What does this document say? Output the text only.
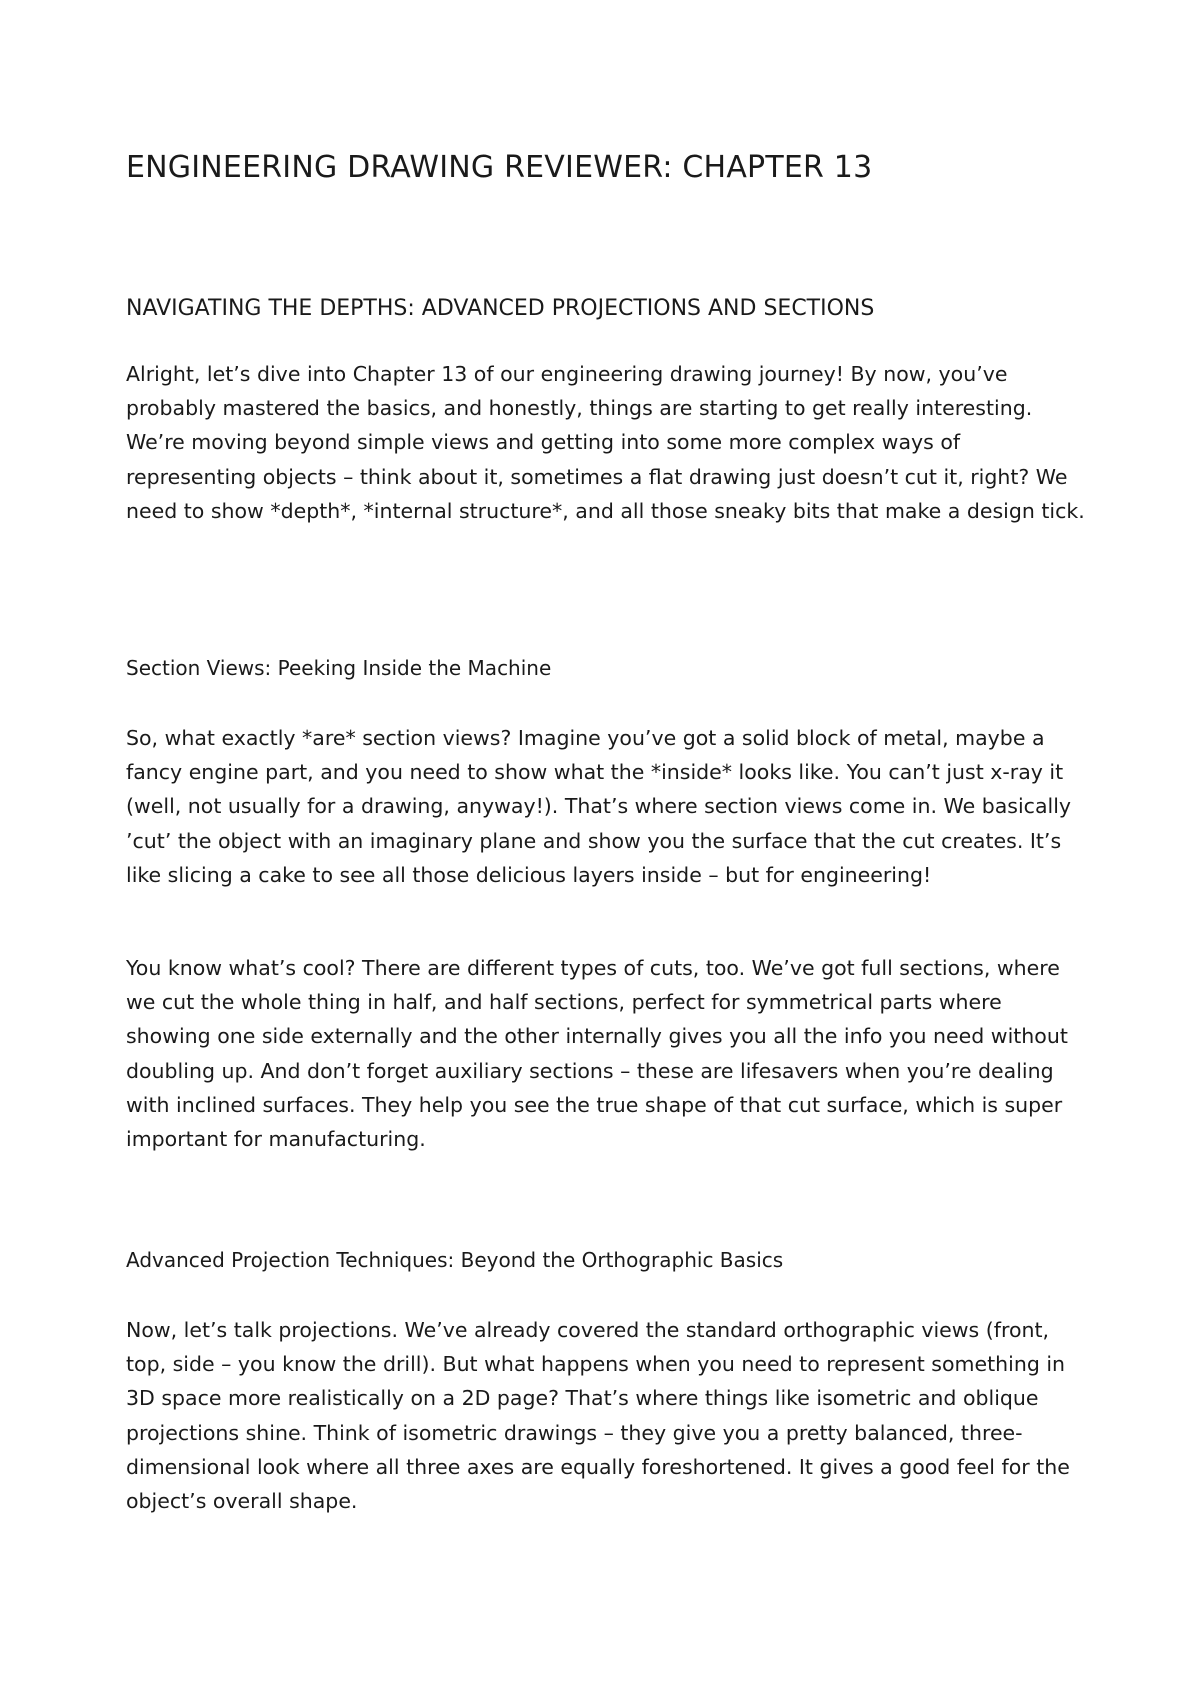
ENGINEERING DRAWING REVIEWER: CHAPTER 13
NAVIGATING THE DEPTHS: ADVANCED PROJECTIONS AND SECTIONS

Alright, let’s dive into Chapter 13 of our engineering drawing journey! By now, you’ve probably mastered the basics, and honestly, things are starting to get really interesting. We’re moving beyond simple views and getting into some more complex ways of representing objects – think about it, sometimes a flat drawing just doesn’t cut it, right? We need to show *depth*, *internal structure*, and all those sneaky bits that make a design tick.

Section Views: Peeking Inside the Machine

So, what exactly *are* section views? Imagine you’ve got a solid block of metal, maybe a fancy engine part, and you need to show what the *inside* looks like. You can’t just x-ray it (well, not usually for a drawing, anyway!). That’s where section views come in. We basically ’cut’ the object with an imaginary plane and show you the surface that the cut creates. It’s like slicing a cake to see all those delicious layers inside – but for engineering!

You know what’s cool? There are different types of cuts, too. We’ve got full sections, where we cut the whole thing in half, and half sections, perfect for symmetrical parts where showing one side externally and the other internally gives you all the info you need without doubling up. And don’t forget auxiliary sections – these are lifesavers when you’re dealing with inclined surfaces. They help you see the true shape of that cut surface, which is super important for manufacturing.

Advanced Projection Techniques: Beyond the Orthographic Basics

Now, let’s talk projections. We’ve already covered the standard orthographic views (front, top, side – you know the drill). But what happens when you need to represent something in 3D space more realistically on a 2D page? That’s where things like isometric and oblique projections shine. Think of isometric drawings – they give you a pretty balanced, three-dimensional look where all three axes are equally foreshortened. It gives a good feel for the object’s overall shape.
